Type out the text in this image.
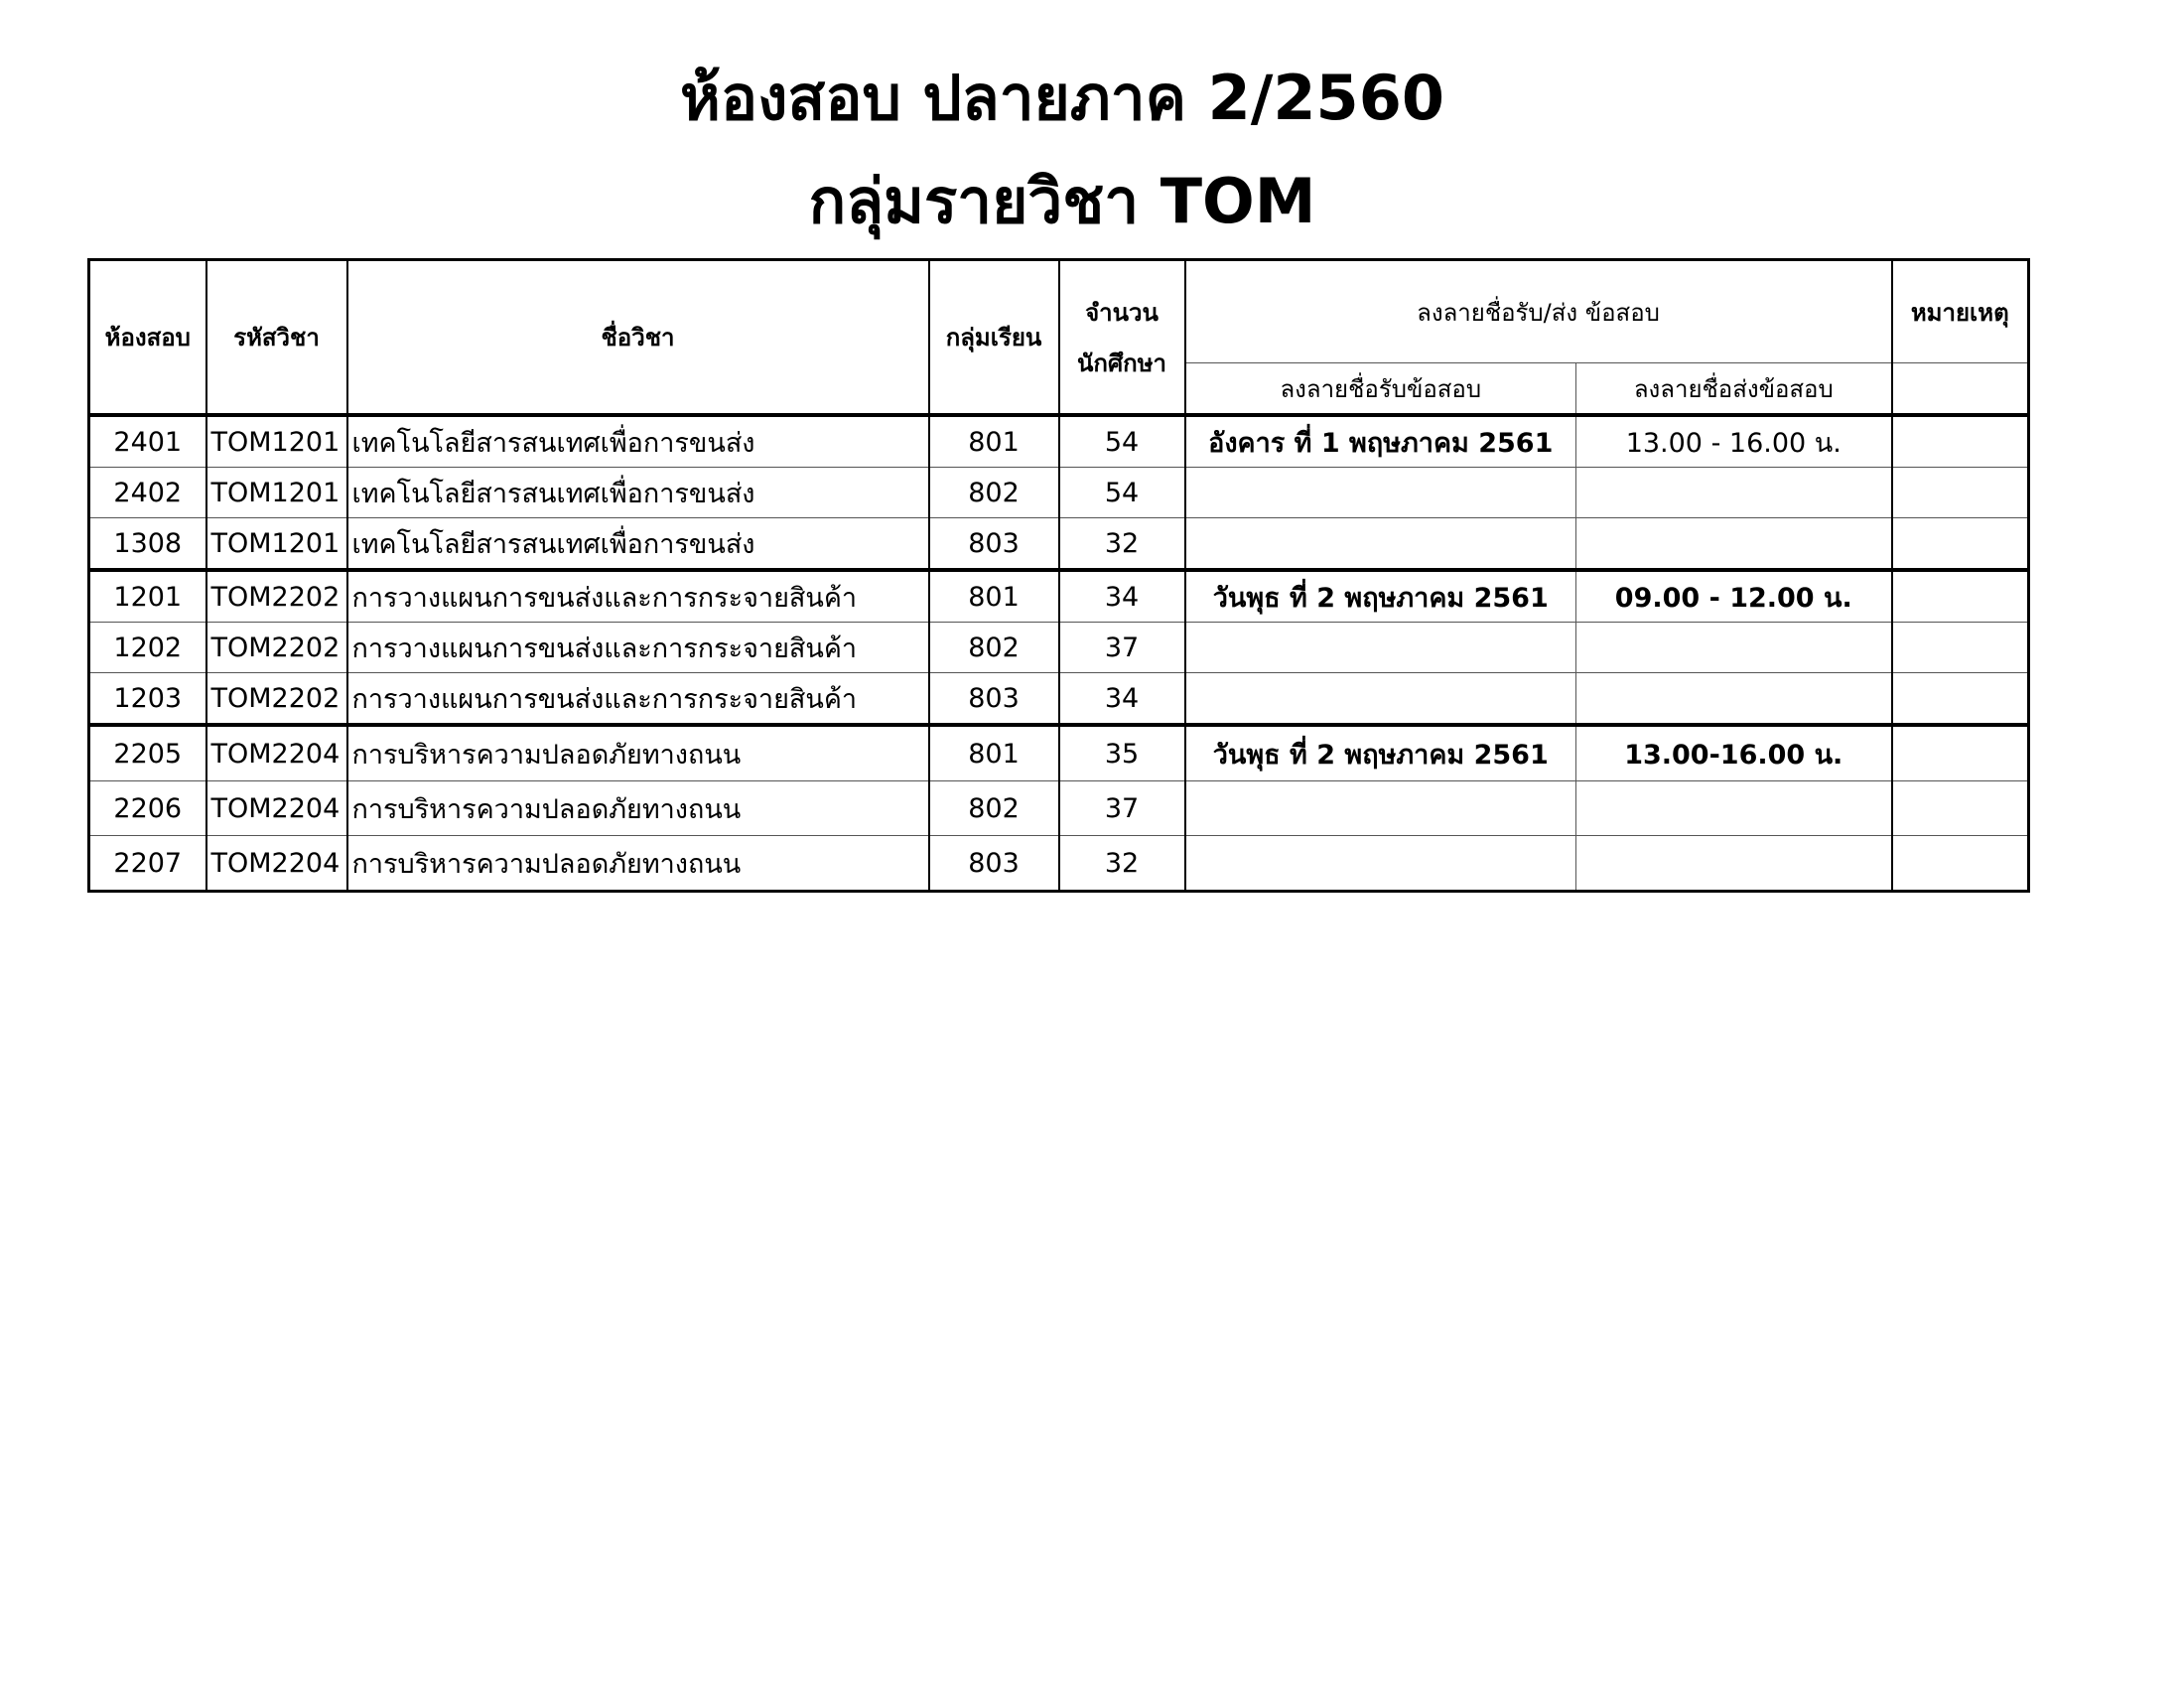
ห้องสอบ ปลายภาค 2/2560
กลุ่มรายวิชา TOM
ห้องสอบ	รหัสวิชา	ชื่อวิชา	กลุ่มเรียน	จำนวน
นักศึกษา	ลงลายชื่อรับ/ส่ง ข้อสอบ		หมายเหตุ
					ลงลายชื่อรับข้อสอบ	ลงลายชื่อส่งข้อสอบ	
2401	TOM1201	เทคโนโลยีสารสนเทศเพื่อการขนส่ง	801	54	อังคาร ที่ 1 พฤษภาคม 2561	13.00 - 16.00 น.	
2402	TOM1201	เทคโนโลยีสารสนเทศเพื่อการขนส่ง	802	54			
1308	TOM1201	เทคโนโลยีสารสนเทศเพื่อการขนส่ง	803	32			
1201	TOM2202	การวางแผนการขนส่งและการกระจายสินค้า	801	34	วันพุธ ที่ 2 พฤษภาคม 2561	09.00 - 12.00 น.	
1202	TOM2202	การวางแผนการขนส่งและการกระจายสินค้า	802	37			
1203	TOM2202	การวางแผนการขนส่งและการกระจายสินค้า	803	34			
2205	TOM2204	การบริหารความปลอดภัยทางถนน	801	35	วันพุธ ที่ 2 พฤษภาคม 2561	13.00-16.00 น.	
2206	TOM2204	การบริหารความปลอดภัยทางถนน	802	37			
2207	TOM2204	การบริหารความปลอดภัยทางถนน	803	32			
